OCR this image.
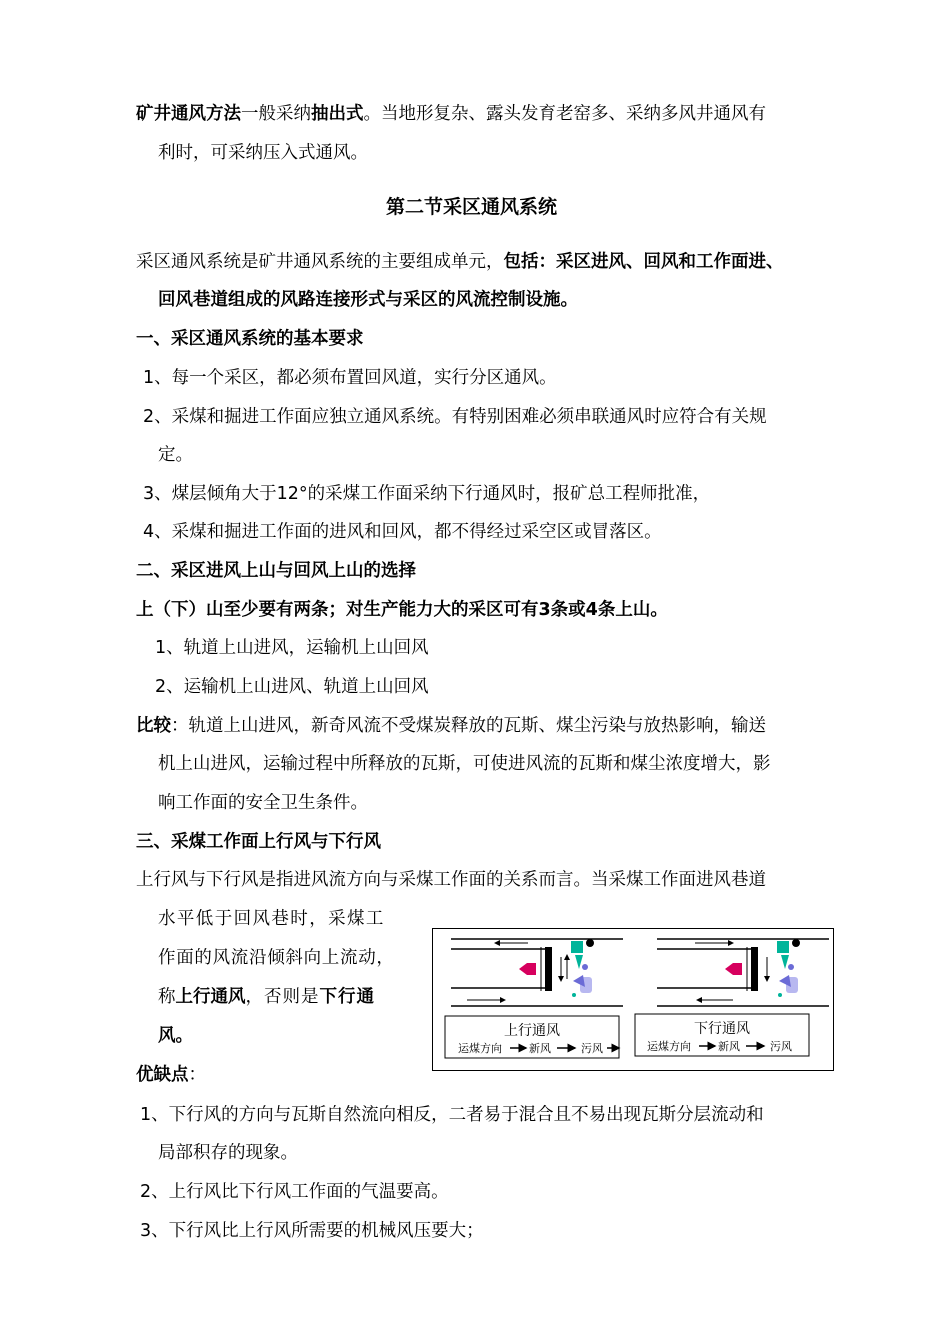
矿井通风方法一般采纳抽出式。当地形复杂、露头发育老窑多、采纳多风井通风有
利时，可采纳压入式通风。
第二节采区通风系统
采区通风系统是矿井通风系统的主要组成单元，包括：采区进风、回风和工作面进、
回风巷道组成的风路连接形式与采区的风流控制设施。
一、采区通风系统的基本要求
1、每一个采区，都必须布置回风道，实行分区通风。
2、采煤和掘进工作面应独立通风系统。有特别困难必须串联通风时应符合有关规
定。
3、煤层倾角大于12°的采煤工作面采纳下行通风时，报矿总工程师批准，
4、采煤和掘进工作面的进风和回风，都不得经过采空区或冒落区。
二、采区进风上山与回风上山的选择
上（下）山至少要有两条；对生产能力大的采区可有3条或4条上山。
1、轨道上山进风，运输机上山回风
2、运输机上山进风、轨道上山回风
比较：轨道上山进风，新奇风流不受煤炭释放的瓦斯、煤尘污染与放热影响，输送
机上山进风，运输过程中所释放的瓦斯，可使进风流的瓦斯和煤尘浓度增大，影
响工作面的安全卫生条件。
三、采煤工作面上行风与下行风
上行风与下行风是指进风流方向与采煤工作面的关系而言。当采煤工作面进风巷道
水平低于回风巷时，采煤工
作面的风流沿倾斜向上流动，
称上行通风，否则是下行通
风。	上行通风
运煤方向 新风	污风
下行通风
运煤方向 新风	污风
优缺点：
1、下行风的方向与瓦斯自然流向相反，二者易于混合且不易出现瓦斯分层流动和
局部积存的现象。
2、上行风比下行风工作面的气温要高。
3、下行风比上行风所需要的机械风压要大；
